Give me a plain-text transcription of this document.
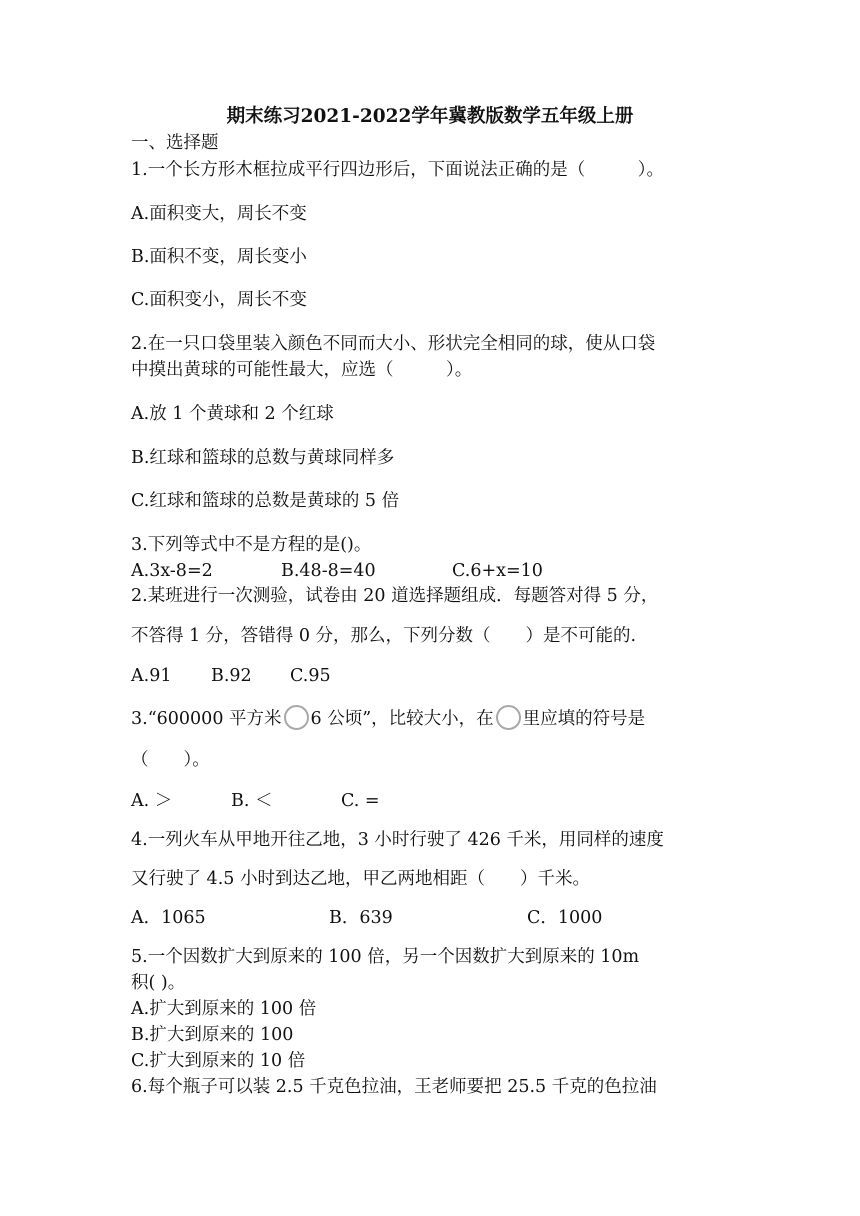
期末练习2021-2022学年冀教版数学五年级上册
一、选择题
1.一个长方形木框拉成平行四边形后，下面说法正确的是（　　　）。
A.面积变大，周长不变
B.面积不变，周长变小
C.面积变小，周长不变
2.在一只口袋里装入颜色不同而大小、形状完全相同的球，使从口袋
中摸出黄球的可能性最大，应选（　　　）。
A.放 1 个黄球和 2 个红球
B.红球和篮球的总数与黄球同样多
C.红球和篮球的总数是黄球的 5 倍
3.下列等式中不是方程的是()。
A.3x-8=2	B.48-8=40	C.6+x=10
2.某班进行一次测验，试卷由 20 道选择题组成．每题答对得 5 分，
不答得 1 分，答错得 0 分，那么，下列分数（　　）是不可能的.
A.91 B.92 C.95
3.“600000 平方米 6 公顷”，比较大小，在 里应填的符号是
（　　）。
A. ＞	B. ＜	C. =
4.一列火车从甲地开往乙地，3 小时行驶了 426 千米，用同样的速度
又行驶了 4.5 小时到达乙地，甲乙两地相距（　　）千米。
A．1065	B．639	C．1000
5.一个因数扩大到原来的 100 倍，另一个因数扩大到原来的 10m
积( )。
A.扩大到原来的 100 倍
B.扩大到原来的 100
C.扩大到原来的 10 倍
6.每个瓶子可以装 2.5 千克色拉油，王老师要把 25.5 千克的色拉油
